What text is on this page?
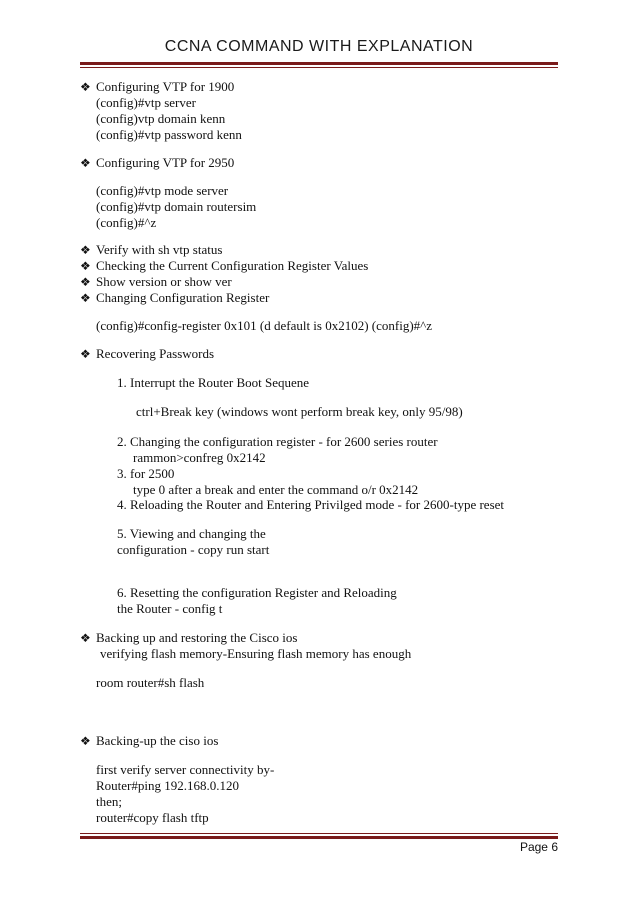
CCNA COMMAND WITH EXPLANATION
❖ Configuring VTP for 1900
(config)#vtp server
(config)vtp domain kenn
(config)#vtp password kenn
❖ Configuring VTP for 2950
(config)#vtp mode server
(config)#vtp domain routersim
(config)#^z
❖ Verify with sh vtp status
❖ Checking the Current Configuration Register Values
❖ Show version or show ver
❖ Changing Configuration Register
(config)#config-register 0x101 (d default is 0x2102) (config)#^z
❖ Recovering Passwords
1. Interrupt the Router Boot Sequene
ctrl+Break key (windows wont perform break key, only 95/98)
2. Changing the configuration register - for 2600 series router
rammon>confreg 0x2142
3. for 2500
type 0 after a break and enter the command o/r 0x2142
4. Reloading the Router and Entering Privilged mode - for 2600-type reset
5. Viewing and changing the
configuration - copy run start
6. Resetting the configuration Register and Reloading
the Router - config t
❖ Backing up and restoring the Cisco ios
verifying flash memory-Ensuring flash memory has enough
room router#sh flash
❖ Backing-up the ciso ios
first verify server connectivity by-
Router#ping 192.168.0.120
then;
router#copy flash tftp
Page 6
